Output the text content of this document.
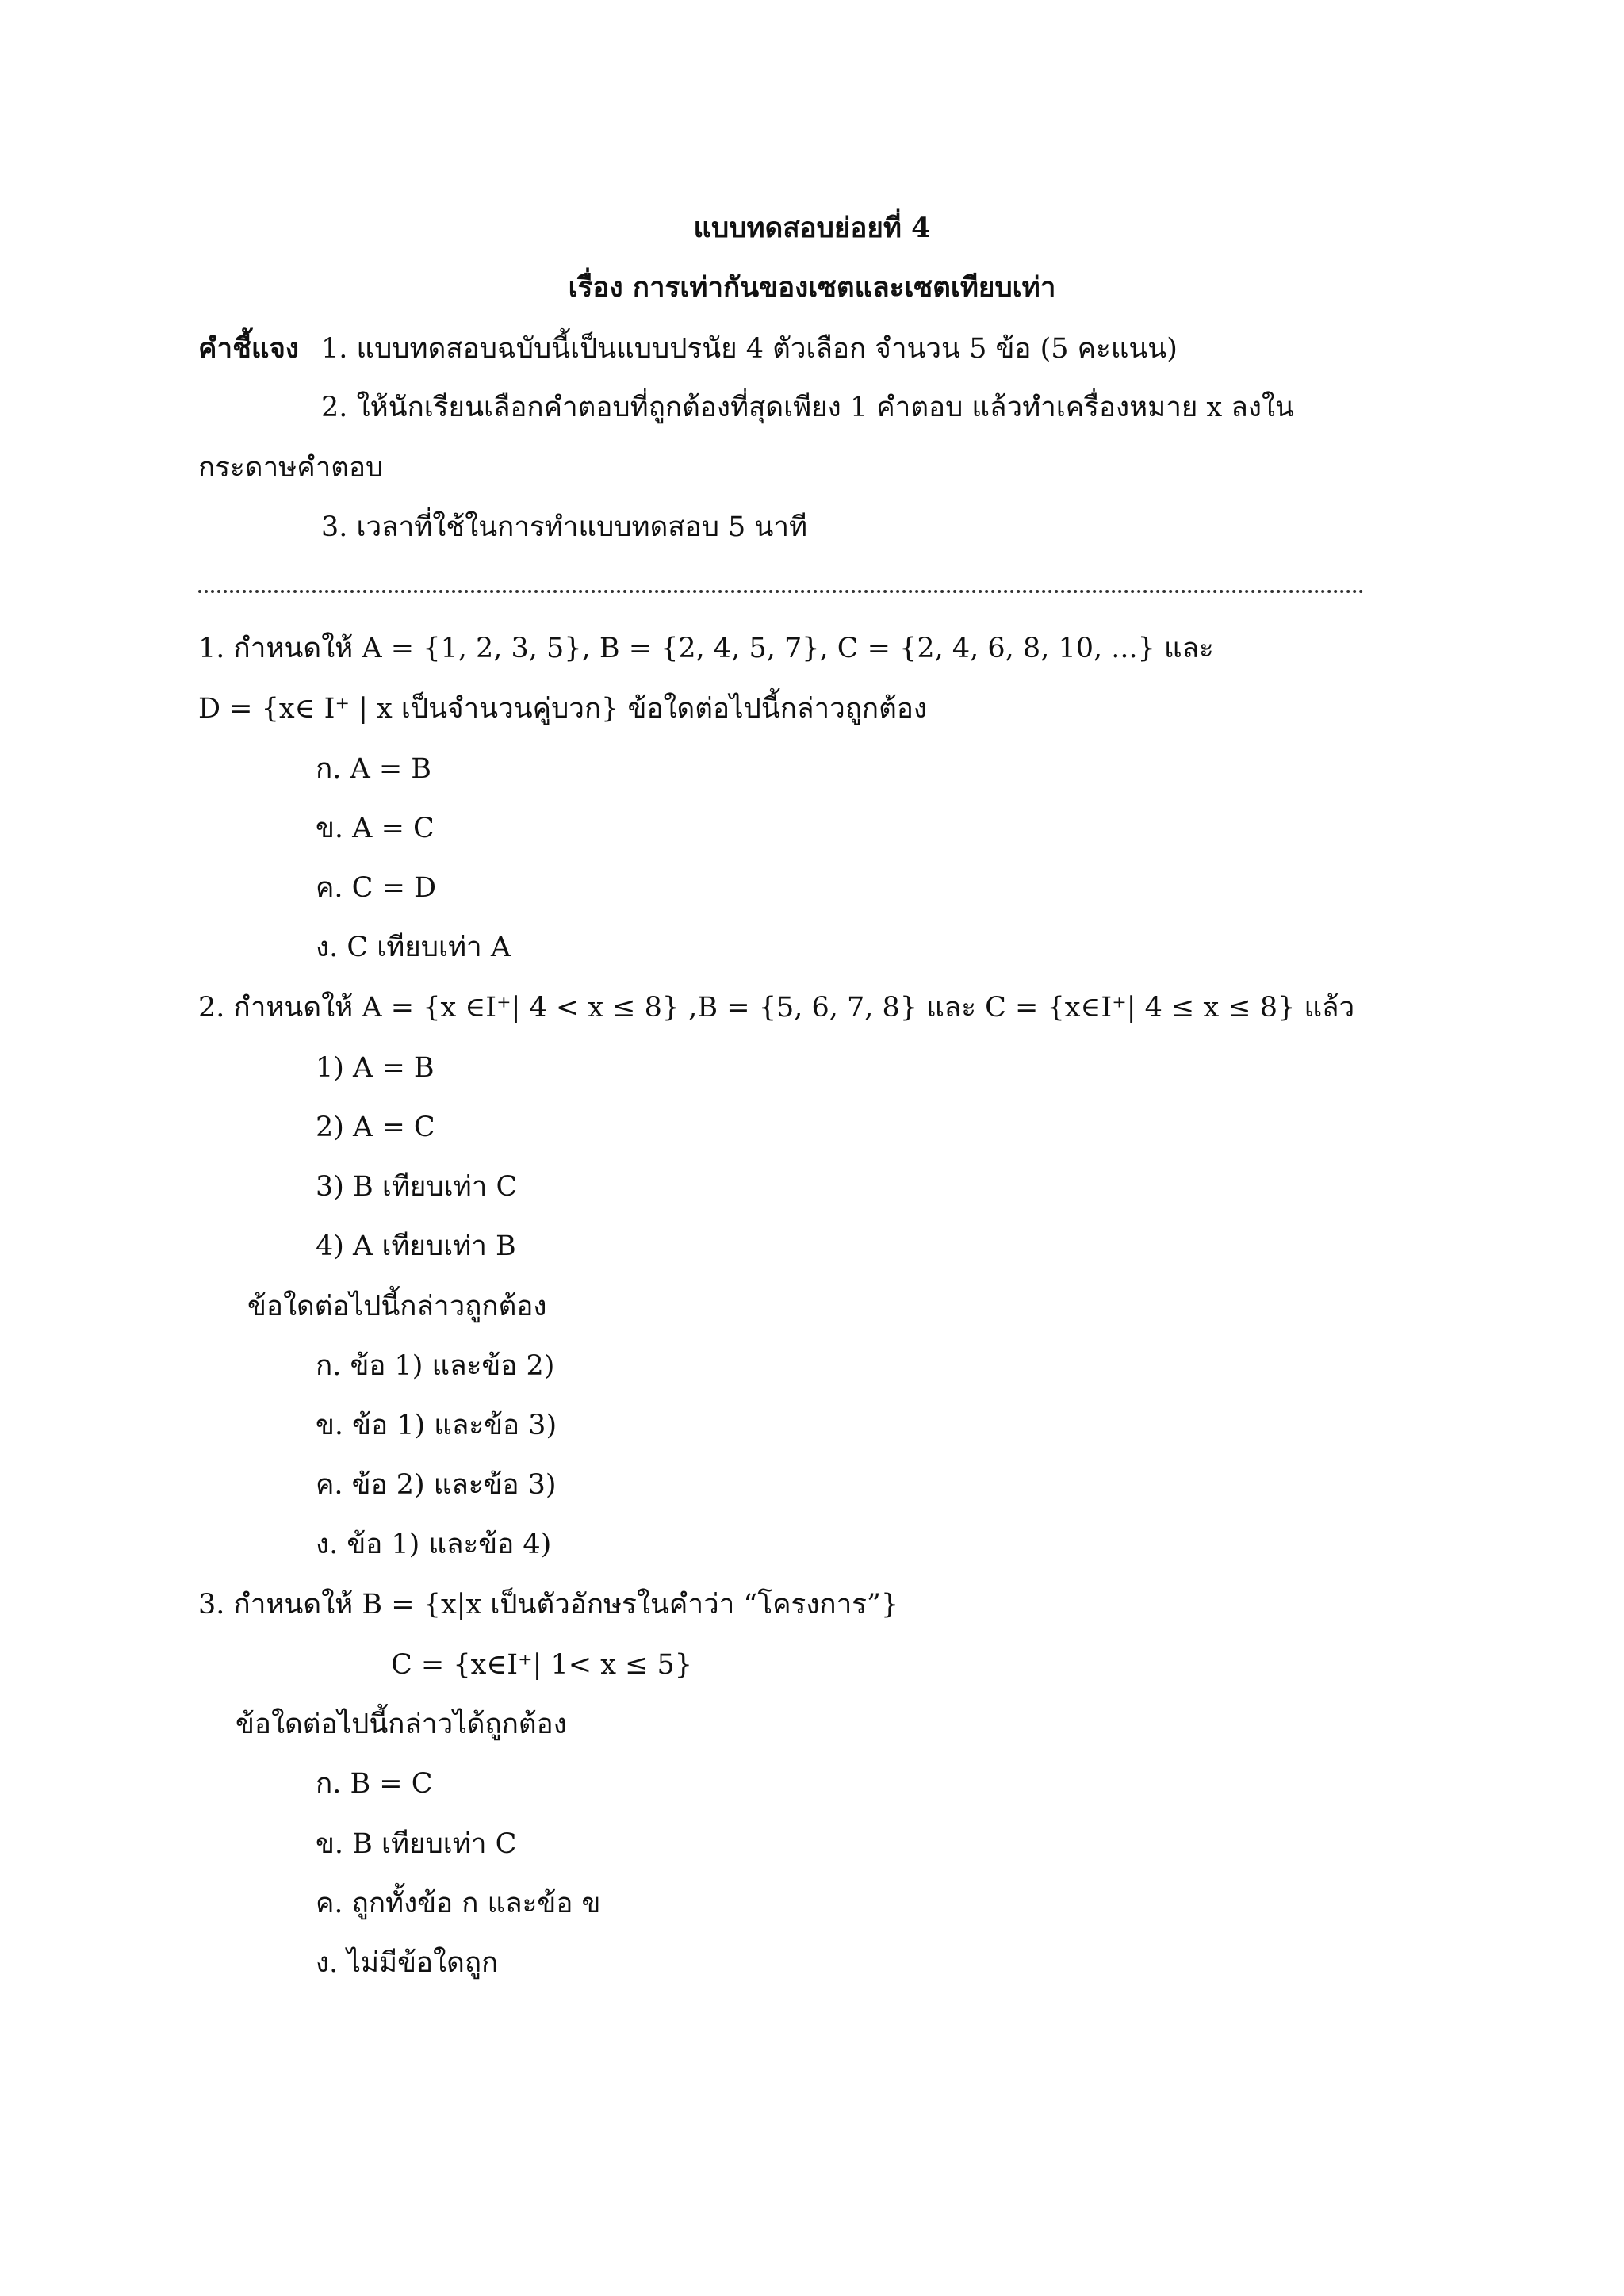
แบบทดสอบย่อยที่ 4
เรื่อง การเท่ากันของเซตและเซตเทียบเท่า
คำชี้แจง 1. แบบทดสอบฉบับนี้เป็นแบบปรนัย 4 ตัวเลือก จำนวน 5 ข้อ (5 คะแนน)
2. ให้นักเรียนเลือกคำตอบที่ถูกต้องที่สุดเพียง 1 คำตอบ แล้วทำเครื่องหมาย x ลงใน
กระดาษคำตอบ
3. เวลาที่ใช้ในการทำแบบทดสอบ 5 นาที
1. กำหนดให้ A = {1, 2, 3, 5}, B = {2, 4, 5, 7}, C = {2, 4, 6, 8, 10, ...} และ
D = {x∈ I⁺ | x เป็นจำนวนคู่บวก} ข้อใดต่อไปนี้กล่าวถูกต้อง
ก. A = B
ข. A = C
ค. C = D
ง. C เทียบเท่า A
2. กำหนดให้ A = {x ∈I⁺| 4 < x ≤ 8} ,B = {5, 6, 7, 8} และ C = {x∈I⁺| 4 ≤ x ≤ 8} แล้ว
1) A = B
2) A = C
3) B เทียบเท่า C
4) A เทียบเท่า B
ข้อใดต่อไปนี้กล่าวถูกต้อง
ก. ข้อ 1) และข้อ 2)
ข. ข้อ 1) และข้อ 3)
ค. ข้อ 2) และข้อ 3)
ง. ข้อ 1) และข้อ 4)
3. กำหนดให้ B = {x|x เป็นตัวอักษรในคำว่า “โครงการ”}
C = {x∈I⁺| 1< x ≤ 5}
ข้อใดต่อไปนี้กล่าวได้ถูกต้อง
ก. B = C
ข. B เทียบเท่า C
ค. ถูกทั้งข้อ ก และข้อ ข
ง. ไม่มีข้อใดถูก
